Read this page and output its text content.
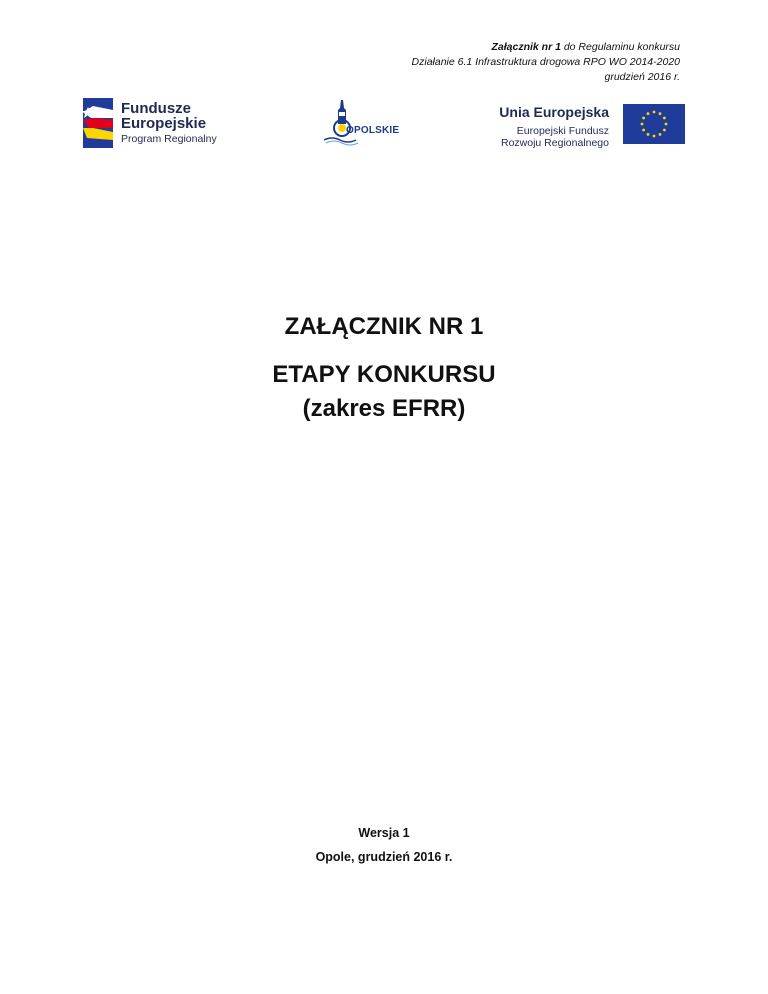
Załącznik nr 1 do Regulaminu konkursu
Działanie 6.1 Infrastruktura drogowa RPO WO 2014-2020
grudzień 2016 r.
Fundusze
Europejskie
Program Regionalny
OPOLSKIE
Unia Europejska
Europejski Fundusz
Rozwoju Regionalnego
ZAŁĄCZNIK NR 1
ETAPY KONKURSU
(zakres EFRR)
Wersja 1
Opole, grudzień 2016 r.
